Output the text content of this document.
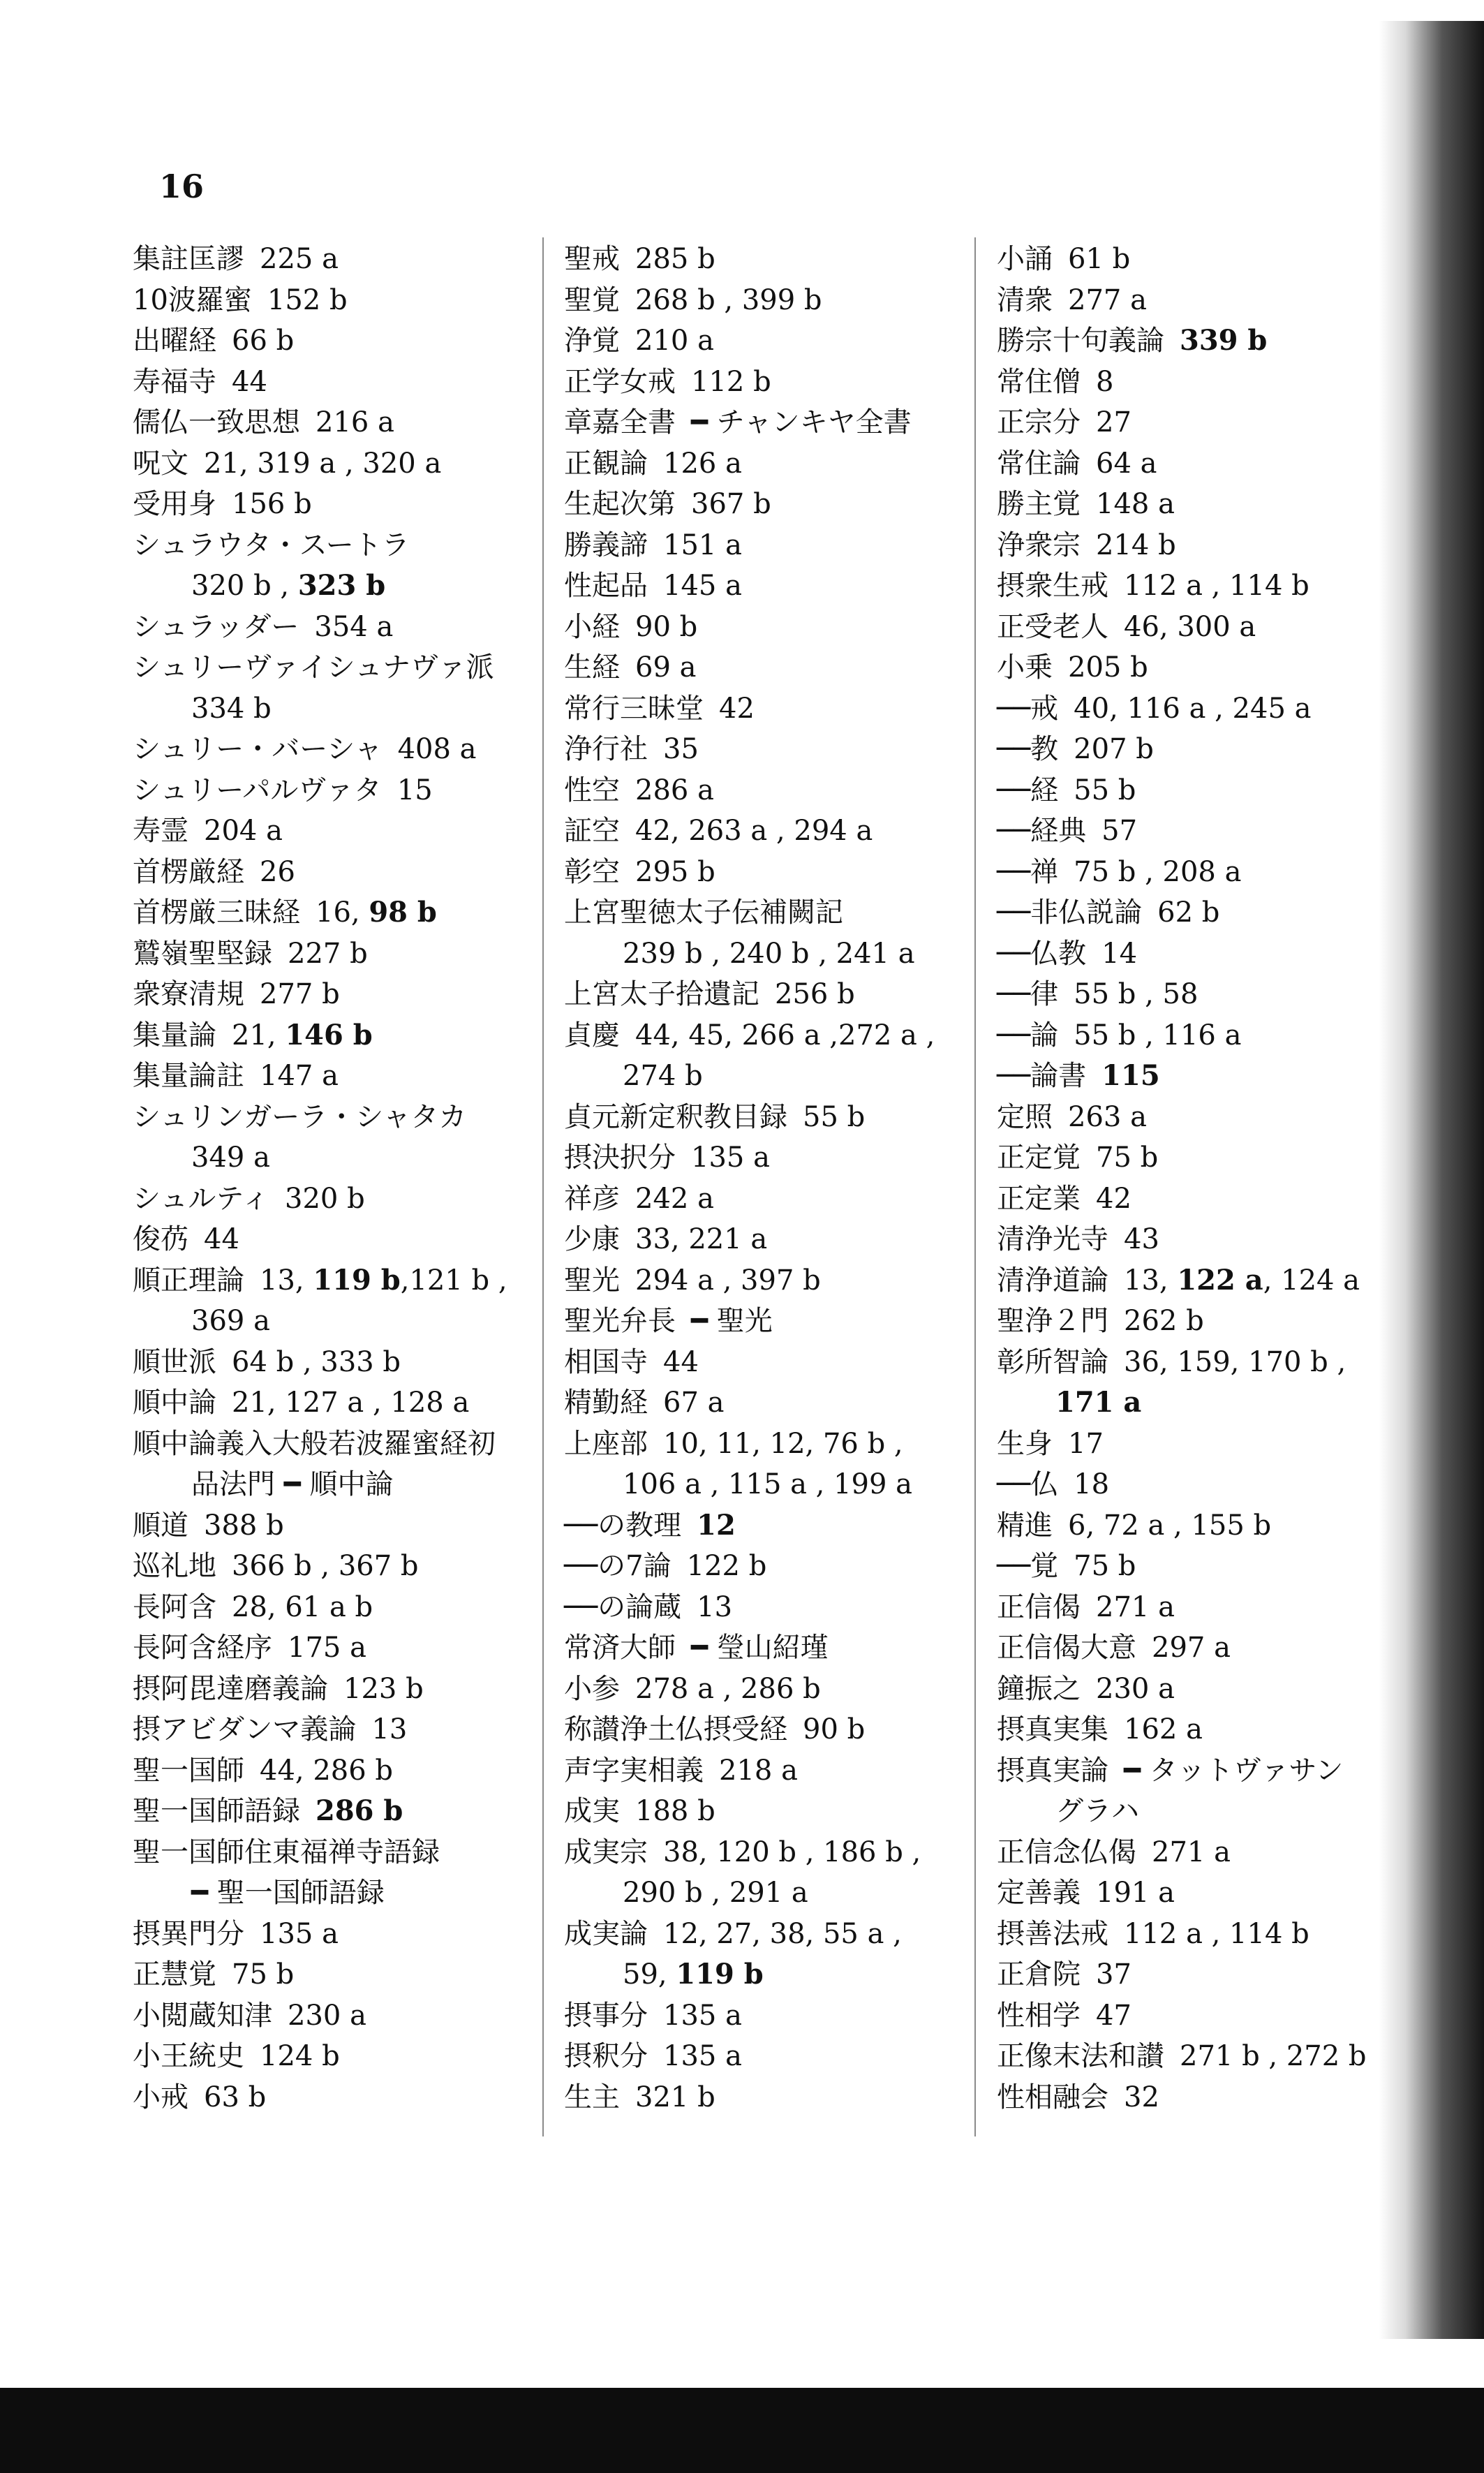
16

集註匡謬 225 a
10波羅蜜 152 b
出曜経 66 b
寿福寺 44
儒仏一致思想 216 a
呪文 21, 319 a , 320 a
受用身 156 b
シュラウタ・スートラ
320 b , 323 b
シュラッダー 354 a
シュリーヴァイシュナヴァ派
334 b
シュリー・バーシャ 408 a
シュリーパルヴァタ 15
寿霊 204 a
首楞厳経 26
首楞厳三昧経 16, 98 b
鷲嶺聖堅録 227 b
衆寮清規 277 b
集量論 21, 146 b
集量論註 147 a
シュリンガーラ・シャタカ
349 a
シュルティ 320 b
俊芿 44
順正理論 13, 119 b,121 b ,
369 a
順世派 64 b , 333 b
順中論 21, 127 a , 128 a
順中論義入大般若波羅蜜経初
品法門 ━ 順中論
順道 388 b
巡礼地 366 b , 367 b
長阿含 28, 61 a b
長阿含経序 175 a
摂阿毘達磨義論 123 b
摂アビダンマ義論 13
聖一国師 44, 286 b
聖一国師語録 286 b
聖一国師住東福禅寺語録
━ 聖一国師語録
摂異門分 135 a
正慧覚 75 b
小閲蔵知津 230 a
小王統史 124 b
小戒 63 b
聖戒 285 b
聖覚 268 b , 399 b
浄覚 210 a
正学女戒 112 b
章嘉全書 ━ チャンキヤ全書
正観論 126 a
生起次第 367 b
勝義諦 151 a
性起品 145 a
小経 90 b
生経 69 a
常行三昧堂 42
浄行社 35
性空 286 a
証空 42, 263 a , 294 a
彰空 295 b
上宮聖徳太子伝補闕記
239 b , 240 b , 241 a
上宮太子拾遺記 256 b
貞慶 44, 45, 266 a ,272 a ,
274 b
貞元新定釈教目録 55 b
摂決択分 135 a
祥彦 242 a
少康 33, 221 a
聖光 294 a , 397 b
聖光弁長 ━ 聖光
相国寺 44
精勤経 67 a
上座部 10, 11, 12, 76 b ,
106 a , 115 a , 199 a
──の教理 12
──の7論 122 b
──の論蔵 13
常済大師 ━ 瑩山紹瑾
小参 278 a , 286 b
称讃浄土仏摂受経 90 b
声字実相義 218 a
成実 188 b
成実宗 38, 120 b , 186 b ,
290 b , 291 a
成実論 12, 27, 38, 55 a ,
59, 119 b
摂事分 135 a
摂釈分 135 a
生主 321 b
小誦 61 b
清衆 277 a
勝宗十句義論 339 b
常住僧 8
正宗分 27
常住論 64 a
勝主覚 148 a
浄衆宗 214 b
摂衆生戒 112 a , 114 b
正受老人 46, 300 a
小乗 205 b
──戒 40, 116 a , 245 a
──教 207 b
──経 55 b
──経典 57
──禅 75 b , 208 a
──非仏説論 62 b
──仏教 14
──律 55 b , 58
──論 55 b , 116 a
──論書 115
定照 263 a
正定覚 75 b
正定業 42
清浄光寺 43
清浄道論 13, 122 a, 124 a
聖浄２門 262 b
彰所智論 36, 159, 170 b ,
171 a
生身 17
──仏 18
精進 6, 72 a , 155 b
──覚 75 b
正信偈 271 a
正信偈大意 297 a
鐘振之 230 a
摂真実集 162 a
摂真実論 ━ タットヴァサン
グラハ
正信念仏偈 271 a
定善義 191 a
摂善法戒 112 a , 114 b
正倉院 37
性相学 47
正像末法和讃 271 b , 272 b
性相融会 32
